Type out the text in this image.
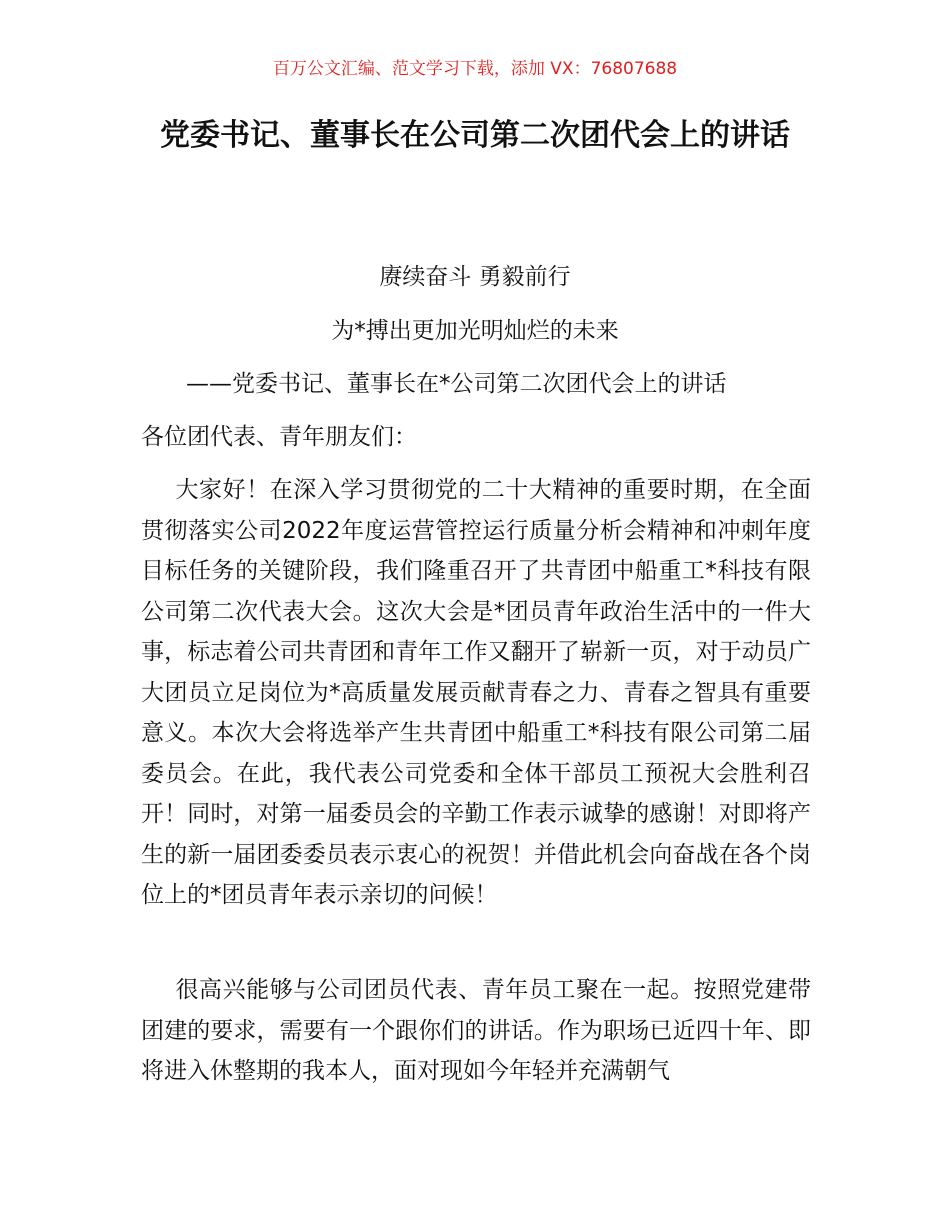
百万公文汇编、范文学习下载，添加 VX：76807688
党委书记、董事长在公司第二次团代会上的讲话

赓续奋斗 勇毅前行

为*搏出更加光明灿烂的未来

——党委书记、董事长在*公司第二次团代会上的讲话

各位团代表、青年朋友们：

大家好！在深入学习贯彻党的二十大精神的重要时期，在全面贯彻落实公司2022年度运营管控运行质量分析会精神和冲刺年度目标任务的关键阶段，我们隆重召开了共青团中船重工*科技有限公司第二次代表大会。这次大会是*团员青年政治生活中的一件大事，标志着公司共青团和青年工作又翻开了崭新一页，对于动员广大团员立足岗位为*高质量发展贡献青春之力、青春之智具有重要意义。本次大会将选举产生共青团中船重工*科技有限公司第二届委员会。在此，我代表公司党委和全体干部员工预祝大会胜利召开！同时，对第一届委员会的辛勤工作表示诚挚的感谢！对即将产生的新一届团委委员表示衷心的祝贺！并借此机会向奋战在各个岗位上的*团员青年表示亲切的问候！

很高兴能够与公司团员代表、青年员工聚在一起。按照党建带团建的要求，需要有一个跟你们的讲话。作为职场已近四十年、即将进入休整期的我本人，面对现如今年轻并充满朝气
